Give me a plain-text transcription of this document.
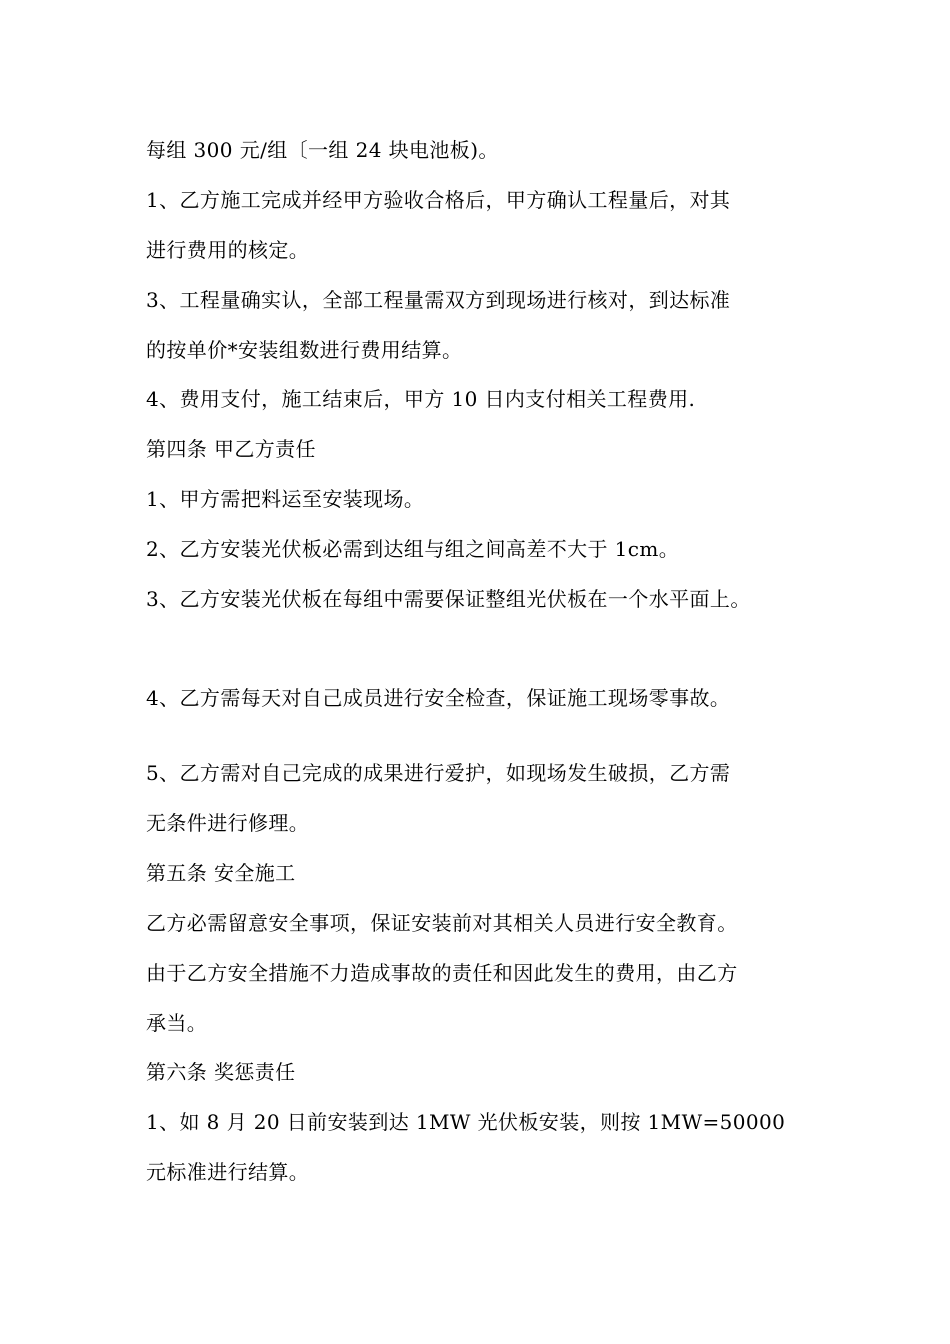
每组 300 元/组〔一组 24 块电池板)。
1、乙方施工完成并经甲方验收合格后，甲方确认工程量后，对其
进行费用的核定。
3、工程量确实认，全部工程量需双方到现场进行核对，到达标准
的按单价*安装组数进行费用结算。
4、费用支付，施工结束后，甲方 10 日内支付相关工程费用.
第四条 甲乙方责任
1、甲方需把料运至安装现场。
2、乙方安装光伏板必需到达组与组之间高差不大于 1cm。
3、乙方安装光伏板在每组中需要保证整组光伏板在一个水平面上。
4、乙方需每天对自己成员进行安全检查，保证施工现场零事故。
5、乙方需对自己完成的成果进行爱护，如现场发生破损，乙方需
无条件进行修理。
第五条 安全施工
乙方必需留意安全事项，保证安装前对其相关人员进行安全教育。
由于乙方安全措施不力造成事故的责任和因此发生的费用，由乙方
承当。
第六条 奖惩责任
1、如 8 月 20 日前安装到达 1MW 光伏板安装，则按 1MW=50000
元标准进行结算。
